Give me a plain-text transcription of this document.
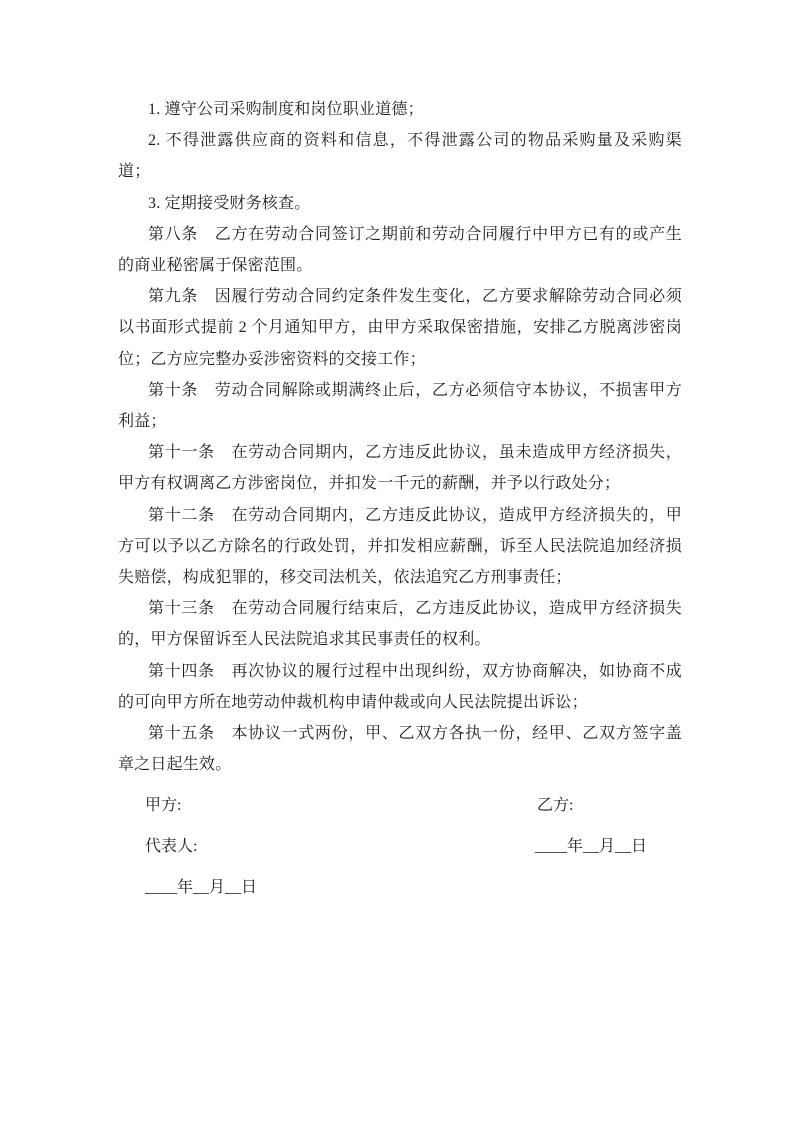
1. 遵守公司采购制度和岗位职业道德；

2. 不得泄露供应商的资料和信息，不得泄露公司的物品采购量及采购渠道；

3. 定期接受财务核查。

第八条　乙方在劳动合同签订之期前和劳动合同履行中甲方已有的或产生的商业秘密属于保密范围。

第九条　因履行劳动合同约定条件发生变化，乙方要求解除劳动合同必须以书面形式提前 2 个月通知甲方，由甲方采取保密措施，安排乙方脱离涉密岗位；乙方应完整办妥涉密资料的交接工作；

第十条　劳动合同解除或期满终止后，乙方必须信守本协议，不损害甲方利益；

第十一条　在劳动合同期内，乙方违反此协议，虽未造成甲方经济损失，甲方有权调离乙方涉密岗位，并扣发一千元的薪酬，并予以行政处分；

第十二条　在劳动合同期内，乙方违反此协议，造成甲方经济损失的，甲方可以予以乙方除名的行政处罚，并扣发相应薪酬，诉至人民法院追加经济损失赔偿，构成犯罪的，移交司法机关，依法追究乙方刑事责任；

第十三条　在劳动合同履行结束后，乙方违反此协议，造成甲方经济损失的，甲方保留诉至人民法院追求其民事责任的权利。

第十四条　再次协议的履行过程中出现纠纷，双方协商解决，如协商不成的可向甲方所在地劳动仲裁机构申请仲裁或向人民法院提出诉讼；

第十五条　本协议一式两份，甲、乙双方各执一份，经甲、乙双方签字盖章之日起生效。

甲方:	乙方:
代表人:	____年__月__日
____年__月__日
